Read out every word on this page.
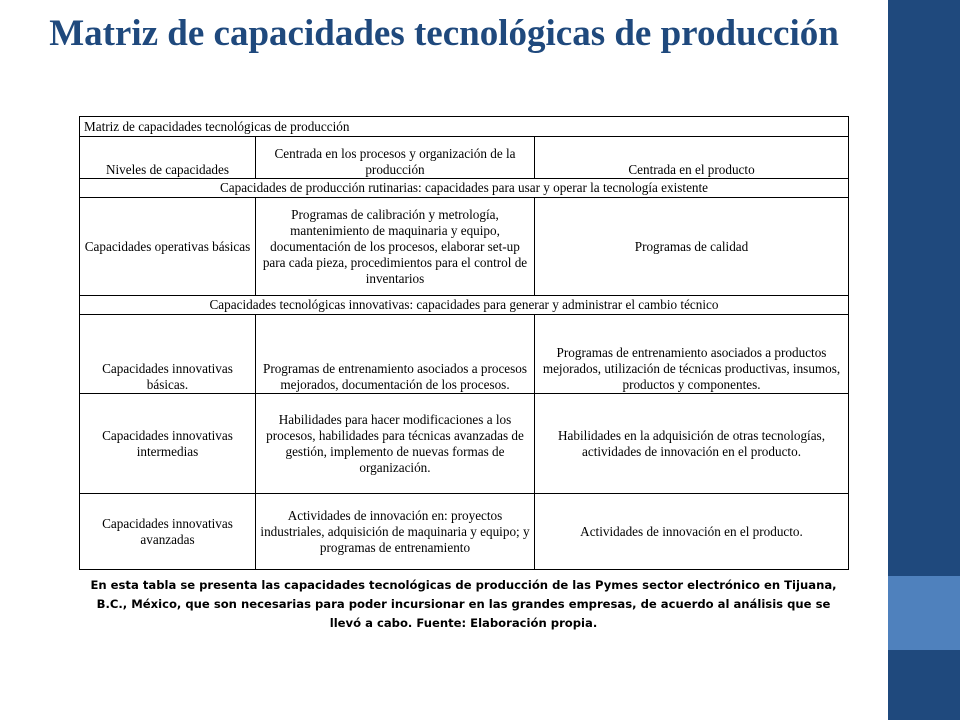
Matriz de capacidades tecnológicas de producción
Matriz de capacidades tecnológicas de producción		
Niveles de capacidades	Centrada en los procesos y organización de la producción	Centrada en el producto
Capacidades de producción rutinarias: capacidades para usar y operar la tecnología existente		
Capacidades operativas básicas	Programas de calibración y metrología, mantenimiento de maquinaria y equipo, documentación de los procesos, elaborar set-up para cada pieza, procedimientos para el control de inventarios	Programas de calidad
Capacidades tecnológicas innovativas: capacidades para generar y administrar el cambio técnico		
Capacidades innovativas básicas.	Programas de entrenamiento asociados a procesos mejorados, documentación de los procesos.	Programas de entrenamiento asociados a productos mejorados, utilización de técnicas productivas, insumos, productos y componentes.
Capacidades innovativas intermedias	Habilidades para hacer modificaciones a los procesos, habilidades para técnicas avanzadas de gestión, implemento de nuevas formas de organización.	Habilidades en la adquisición de otras tecnologías, actividades de innovación en el producto.
Capacidades innovativas avanzadas	Actividades de innovación en: proyectos industriales, adquisición de maquinaria y equipo; y programas de entrenamiento	Actividades de innovación en el producto.

En esta tabla se presenta las capacidades tecnológicas de producción de las Pymes sector electrónico en Tijuana, B.C., México, que son necesarias para poder incursionar en las grandes empresas, de acuerdo al análisis que se llevó a cabo. Fuente: Elaboración propia.
